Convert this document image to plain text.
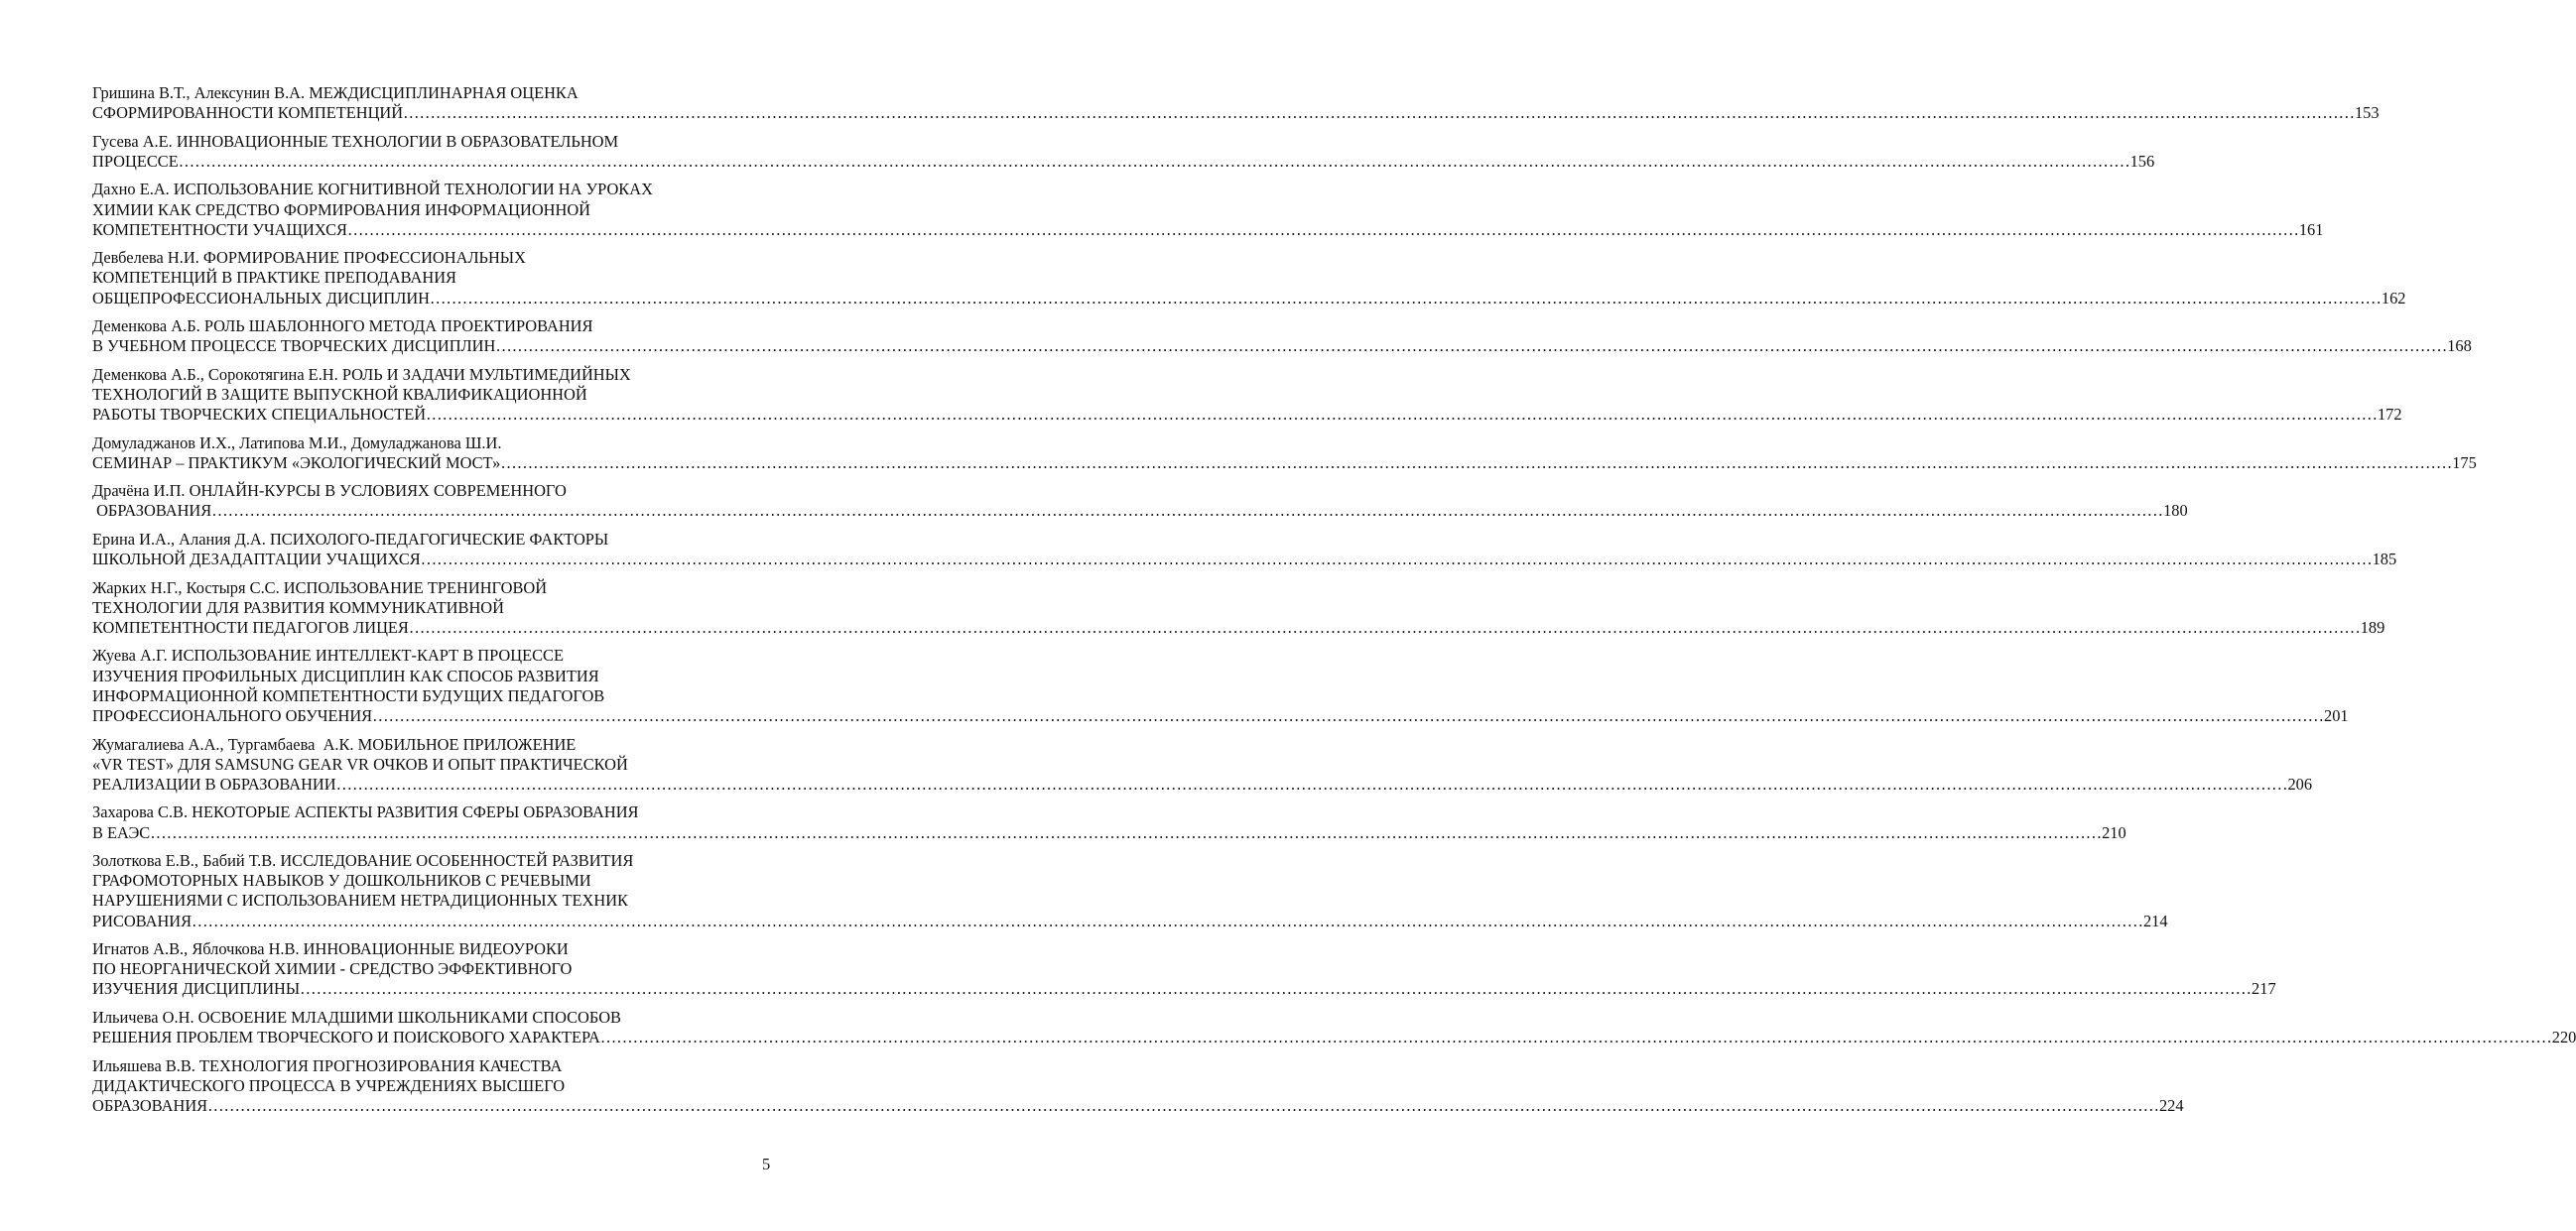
Гришина В.Т., Алексунин В.А. МЕЖДИСЦИПЛИНАРНАЯ ОЦЕНКА
СФОРМИРОВАННОСТИ КОМПЕТЕНЦИЙ ……………………………………………………………………………………………………………………………………………………………………………………………………………………………………………………………………………………………………………………………… 153
Гусева А.Е. ИННОВАЦИОННЫЕ ТЕХНОЛОГИИ В ОБРАЗОВАТЕЛЬНОМ
ПРОЦЕССЕ ……………………………………………………………………………………………………………………………………………………………………………………………………………………………………………………………………………………………………………………………… 156
Дахно Е.А. ИСПОЛЬЗОВАНИЕ КОГНИТИВНОЙ ТЕХНОЛОГИИ НА УРОКАХ
ХИМИИ КАК СРЕДСТВО ФОРМИРОВАНИЯ ИНФОРМАЦИОННОЙ
КОМПЕТЕНТНОСТИ УЧАЩИХСЯ ……………………………………………………………………………………………………………………………………………………………………………………………………………………………………………………………………………………………………………………………… 161
Девбелева Н.И. ФОРМИРОВАНИЕ ПРОФЕССИОНАЛЬНЫХ
КОМПЕТЕНЦИЙ В ПРАКТИКЕ ПРЕПОДАВАНИЯ
ОБЩЕПРОФЕССИОНАЛЬНЫХ ДИСЦИПЛИН ……………………………………………………………………………………………………………………………………………………………………………………………………………………………………………………………………………………………………………………………… 162
Деменкова А.Б. РОЛЬ ШАБЛОННОГО МЕТОДА ПРОЕКТИРОВАНИЯ
В УЧЕБНОМ ПРОЦЕССЕ ТВОРЧЕСКИХ ДИСЦИПЛИН ……………………………………………………………………………………………………………………………………………………………………………………………………………………………………………………………………………………………………………………………… 168
Деменкова А.Б., Сорокотягина Е.Н. РОЛЬ И ЗАДАЧИ МУЛЬТИМЕДИЙНЫХ
ТЕХНОЛОГИЙ В ЗАЩИТЕ ВЫПУСКНОЙ КВАЛИФИКАЦИОННОЙ
РАБОТЫ ТВОРЧЕСКИХ СПЕЦИАЛЬНОСТЕЙ ……………………………………………………………………………………………………………………………………………………………………………………………………………………………………………………………………………………………………………………………… 172
Домуладжанов И.Х., Латипова М.И., Домуладжанова Ш.И.
СЕМИНАР – ПРАКТИКУМ «ЭКОЛОГИЧЕСКИЙ МОСТ» ……………………………………………………………………………………………………………………………………………………………………………………………………………………………………………………………………………………………………………………………… 175
Драчёна И.П. ОНЛАЙН-КУРСЫ В УСЛОВИЯХ СОВРЕМЕННОГО
ОБРАЗОВАНИЯ ……………………………………………………………………………………………………………………………………………………………………………………………………………………………………………………………………………………………………………………………… 180
Ерина И.А., Алания Д.А. ПСИХОЛОГО-ПЕДАГОГИЧЕСКИЕ ФАКТОРЫ
ШКОЛЬНОЙ ДЕЗАДАПТАЦИИ УЧАЩИХСЯ ……………………………………………………………………………………………………………………………………………………………………………………………………………………………………………………………………………………………………………………………… 185
Жарких Н.Г., Костыря С.С. ИСПОЛЬЗОВАНИЕ ТРЕНИНГОВОЙ
ТЕХНОЛОГИИ ДЛЯ РАЗВИТИЯ КОММУНИКАТИВНОЙ
КОМПЕТЕНТНОСТИ ПЕДАГОГОВ ЛИЦЕЯ ……………………………………………………………………………………………………………………………………………………………………………………………………………………………………………………………………………………………………………………………… 189
Жуева А.Г. ИСПОЛЬЗОВАНИЕ ИНТЕЛЛЕКТ-КАРТ В ПРОЦЕССЕ
ИЗУЧЕНИЯ ПРОФИЛЬНЫХ ДИСЦИПЛИН КАК СПОСОБ РАЗВИТИЯ
ИНФОРМАЦИОННОЙ КОМПЕТЕНТНОСТИ БУДУЩИХ ПЕДАГОГОВ
ПРОФЕССИОНАЛЬНОГО ОБУЧЕНИЯ ……………………………………………………………………………………………………………………………………………………………………………………………………………………………………………………………………………………………………………………………… 201
Жумагалиева А.А., Тургамбаева  А.К. МОБИЛЬНОЕ ПРИЛОЖЕНИЕ
«VR TEST» ДЛЯ SAMSUNG GEAR VR ОЧКОВ И ОПЫТ ПРАКТИЧЕСКОЙ
РЕАЛИЗАЦИИ В ОБРАЗОВАНИИ ……………………………………………………………………………………………………………………………………………………………………………………………………………………………………………………………………………………………………………………………… 206
Захарова С.В. НЕКОТОРЫЕ АСПЕКТЫ РАЗВИТИЯ СФЕРЫ ОБРАЗОВАНИЯ
В ЕАЭС ……………………………………………………………………………………………………………………………………………………………………………………………………………………………………………………………………………………………………………………………… 210
Золоткова Е.В., Бабий Т.В. ИССЛЕДОВАНИЕ ОСОБЕННОСТЕЙ РАЗВИТИЯ
ГРАФОМОТОРНЫХ НАВЫКОВ У ДОШКОЛЬНИКОВ С РЕЧЕВЫМИ
НАРУШЕНИЯМИ С ИСПОЛЬЗОВАНИЕМ НЕТРАДИЦИОННЫХ ТЕХНИК
РИСОВАНИЯ ……………………………………………………………………………………………………………………………………………………………………………………………………………………………………………………………………………………………………………………………… 214
Игнатов А.В., Яблочкова Н.В. ИННОВАЦИОННЫЕ ВИДЕОУРОКИ
ПО НЕОРГАНИЧЕСКОЙ ХИМИИ - СРЕДСТВО ЭФФЕКТИВНОГО
ИЗУЧЕНИЯ ДИСЦИПЛИНЫ ……………………………………………………………………………………………………………………………………………………………………………………………………………………………………………………………………………………………………………………………… 217
Ильичева О.Н. ОСВОЕНИЕ МЛАДШИМИ ШКОЛЬНИКАМИ СПОСОБОВ
РЕШЕНИЯ ПРОБЛЕМ ТВОРЧЕСКОГО И ПОИСКОВОГО ХАРАКТЕРА ……………………………………………………………………………………………………………………………………………………………………………………………………………………………………………………………………………………………………………………………… 220
Ильяшева В.В. ТЕХНОЛОГИЯ ПРОГНОЗИРОВАНИЯ КАЧЕСТВА
ДИДАКТИЧЕСКОГО ПРОЦЕССА В УЧРЕЖДЕНИЯХ ВЫСШЕГО
ОБРАЗОВАНИЯ ……………………………………………………………………………………………………………………………………………………………………………………………………………………………………………………………………………………………………………………………… 224
5
